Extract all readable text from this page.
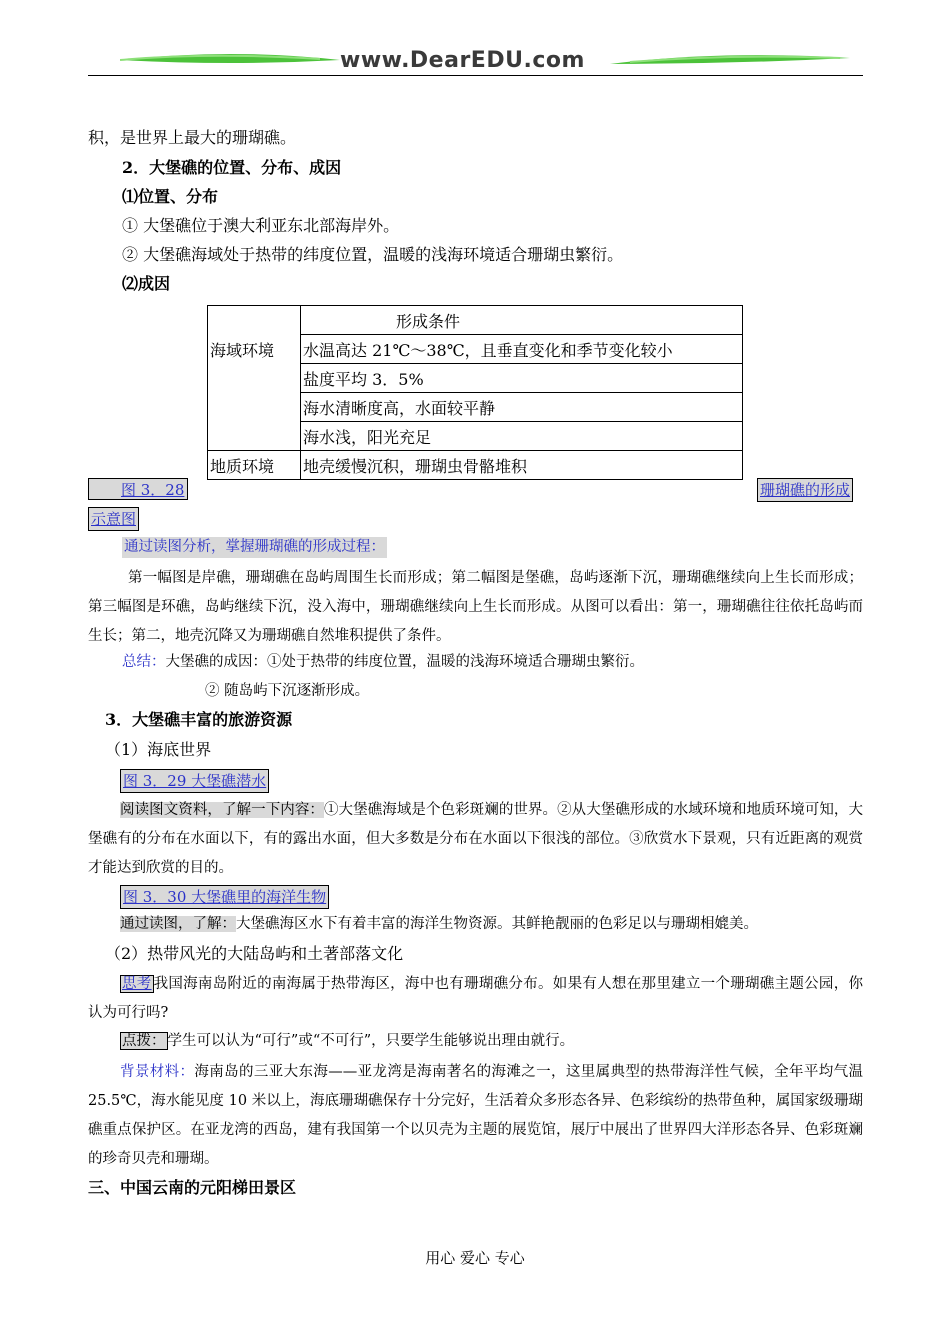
www.DearEDU.com
积，是世界上最大的珊瑚礁。
2．大堡礁的位置、分布、成因
⑴位置、分布
① 大堡礁位于澳大利亚东北部海岸外。
② 大堡礁海域处于热带的纬度位置，温暖的浅海环境适合珊瑚虫繁衍。
⑵成因
	形成条件
海域环境	水温高达 21℃～38℃，且垂直变化和季节变化较小
	盐度平均 3．5%
	海水清晰度高，水面较平静
	海水浅，阳光充足
地质环境	地壳缓慢沉积，珊瑚虫骨骼堆积
图 3．28	珊瑚礁的形成
示意图
通过读图分析，掌握珊瑚礁的形成过程：
第一幅图是岸礁，珊瑚礁在岛屿周围生长而形成；第二幅图是堡礁，岛屿逐渐下沉，珊瑚礁继续向上生长而形成；第三幅图是环礁，岛屿继续下沉，没入海中，珊瑚礁继续向上生长而形成。从图可以看出：第一，珊瑚礁往往依托岛屿而生长；第二，地壳沉降又为珊瑚礁自然堆积提供了条件。
总结：大堡礁的成因：①处于热带的纬度位置，温暖的浅海环境适合珊瑚虫繁衍。
② 随岛屿下沉逐渐形成。
3．大堡礁丰富的旅游资源
（1）海底世界
图 3．29 大堡礁潜水
阅读图文资料，了解一下内容：①大堡礁海域是个色彩斑斓的世界。②从大堡礁形成的水域环境和地质环境可知，大堡礁有的分布在水面以下，有的露出水面，但大多数是分布在水面以下很浅的部位。③欣赏水下景观，只有近距离的观赏才能达到欣赏的目的。
图 3．30 大堡礁里的海洋生物
通过读图，了解：大堡礁海区水下有着丰富的海洋生物资源。其鲜艳靓丽的色彩足以与珊瑚相媲美。
（2）热带风光的大陆岛屿和土著部落文化
思考 我国海南岛附近的南海属于热带海区，海中也有珊瑚礁分布。如果有人想在那里建立一个珊瑚礁主题公园，你认为可行吗?
点拨： 学生可以认为“可行”或“不可行”，只要学生能够说出理由就行。
背景材料：海南岛的三亚大东海——亚龙湾是海南著名的海滩之一，这里属典型的热带海洋性气候，全年平均气温 25.5℃，海水能见度 10 米以上，海底珊瑚礁保存十分完好，生活着众多形态各异、色彩缤纷的热带鱼种，属国家级珊瑚礁重点保护区。在亚龙湾的西岛，建有我国第一个以贝壳为主题的展览馆，展厅中展出了世界四大洋形态各异、色彩斑斓的珍奇贝壳和珊瑚。
三、中国云南的元阳梯田景区
用心 爱心 专心
